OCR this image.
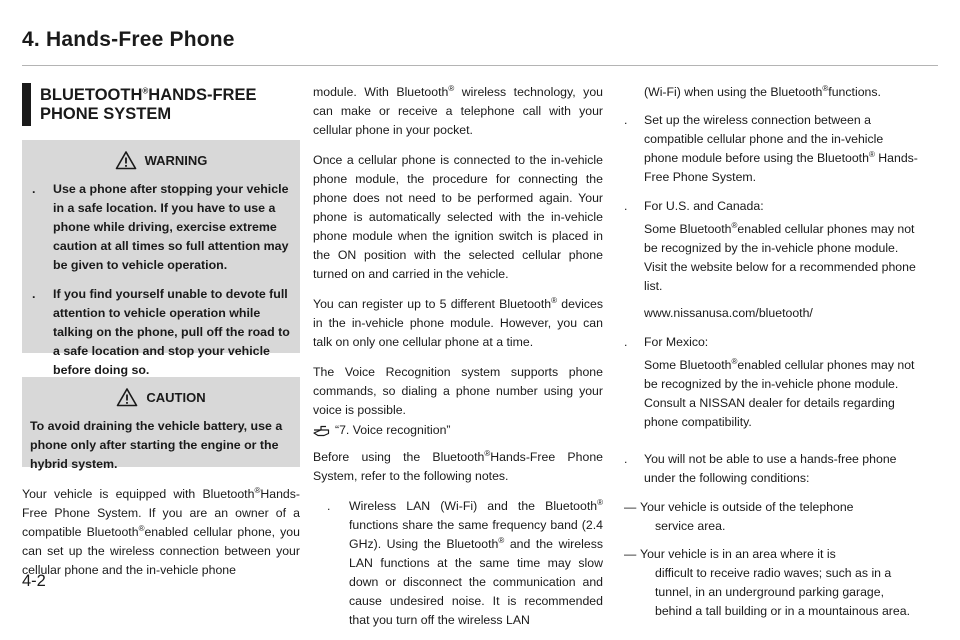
4. Hands-Free Phone
BLUETOOTH®HANDS-FREE
PHONE SYSTEM
WARNING
.	Use a phone after stopping your vehicle in a safe location. If you have to use a phone while driving, exercise extreme caution at all times so full attention may be given to vehicle operation.
.	If you find yourself unable to devote full attention to vehicle operation while talking on the phone, pull off the road to a safe location and stop your vehicle before doing so.
CAUTION
To avoid draining the vehicle battery, use a phone only after starting the engine or the hybrid system.

Your vehicle is equipped with Bluetooth®Hands-Free Phone System. If you are an owner of a compatible Bluetooth®enabled cellular phone, you can set up the wireless connection between your cellular phone and the in-vehicle phone

module. With Bluetooth® wireless technology, you can make or receive a telephone call with your cellular phone in your pocket.

Once a cellular phone is connected to the in-vehicle phone module, the procedure for connecting the phone does not need to be performed again. Your phone is automatically selected with the in-vehicle phone module when the ignition switch is placed in the ON position with the selected cellular phone turned on and carried in the vehicle.

You can register up to 5 different Bluetooth® devices in the in-vehicle phone module. However, you can talk on only one cellular phone at a time.

The Voice Recognition system supports phone commands, so dialing a phone number using your voice is possible.

“7. Voice recognition”

Before using the Bluetooth®Hands-Free Phone System, refer to the following notes.

.	Wireless LAN (Wi-Fi) and the Bluetooth® functions share the same frequency band (2.4 GHz). Using the Bluetooth® and the wireless LAN functions at the same time may slow down or disconnect the communication and cause undesired noise. It is recommended that you turn off the wireless LAN

(Wi-Fi) when using the Bluetooth®functions.

.	Set up the wireless connection between a compatible cellular phone and the in-vehicle phone module before using the Bluetooth® Hands-Free Phone System.
.	For U.S. and Canada:
Some Bluetooth®enabled cellular phones may not be recognized by the in-vehicle phone module. Visit the website below for a recommended phone list.
www.nissanusa.com/bluetooth/
.	For Mexico:
Some Bluetooth®enabled cellular phones may not be recognized by the in-vehicle phone module. Consult a NISSAN dealer for details regarding phone compatibility.
.	You will not be able to use a hands-free phone under the following conditions:
— Your vehicle is outside of the telephone
service area.
— Your vehicle is in an area where it is
difficult to receive radio waves; such as in a tunnel, in an underground parking garage, behind a tall building or in a mountainous area.

4-2
